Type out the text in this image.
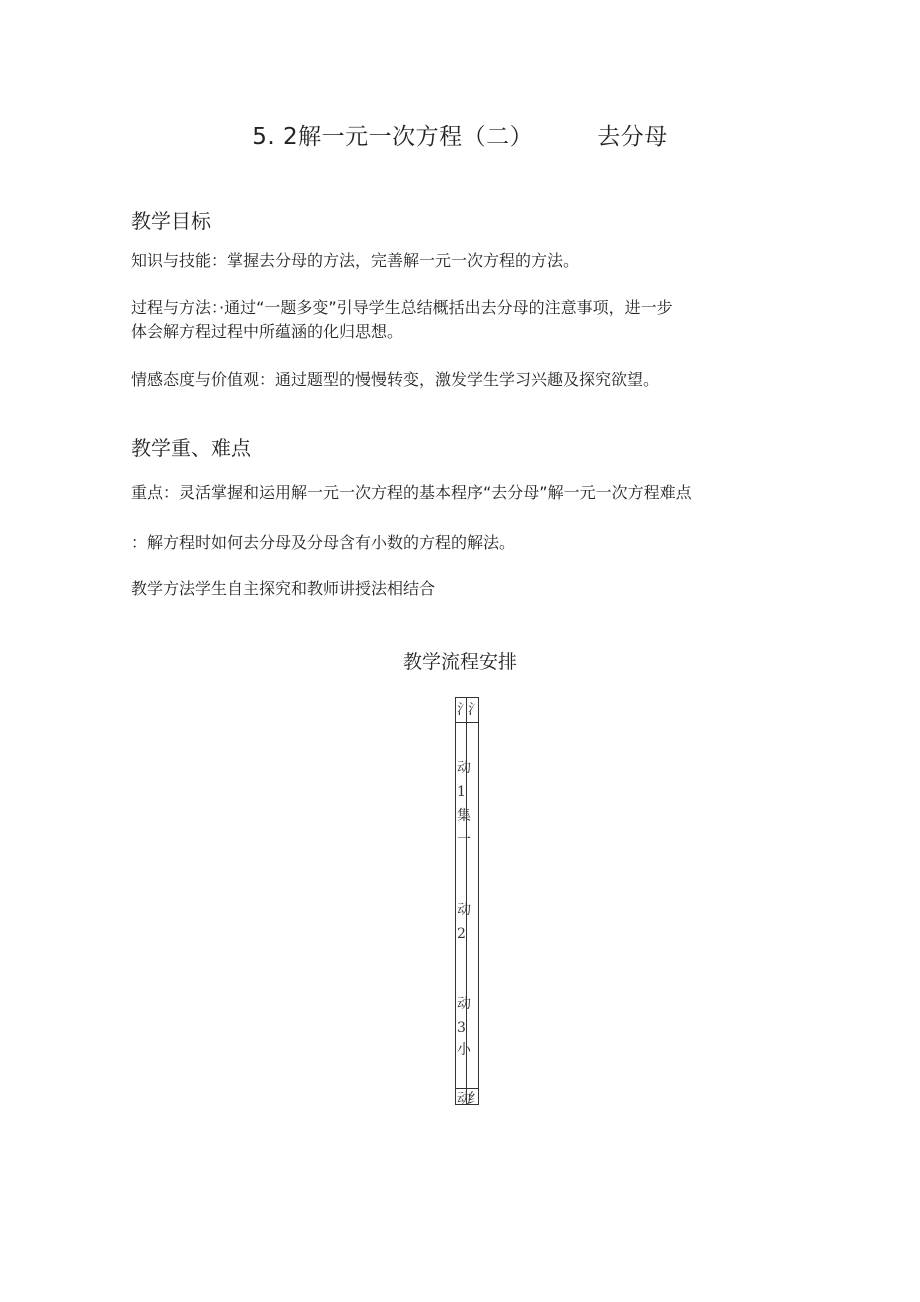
5. 2解一元一次方程（二）	去分母
教学目标
知识与技能：掌握去分母的方法，完善解一元一次方程的方法。
过程与方法：·通过“一题多变”引导学生总结概括出去分母的注意事项，进一步
体会解方程过程中所蕴涵的化归思想。
情感态度与价值观：通过题型的慢慢转变，激发学生学习兴趣及探究欲望。
教学重、难点
重点：灵活掌握和运用解一元一次方程的基本程序“去分母”解一元一次方程难点
：解方程时如何去分母及分母含有小数的方程的解法。
教学方法学生自主探究和教师讲授法相结合
教学流程安排
氵
氵
动
1
集
一
动
2
动
3
小
动
纟
